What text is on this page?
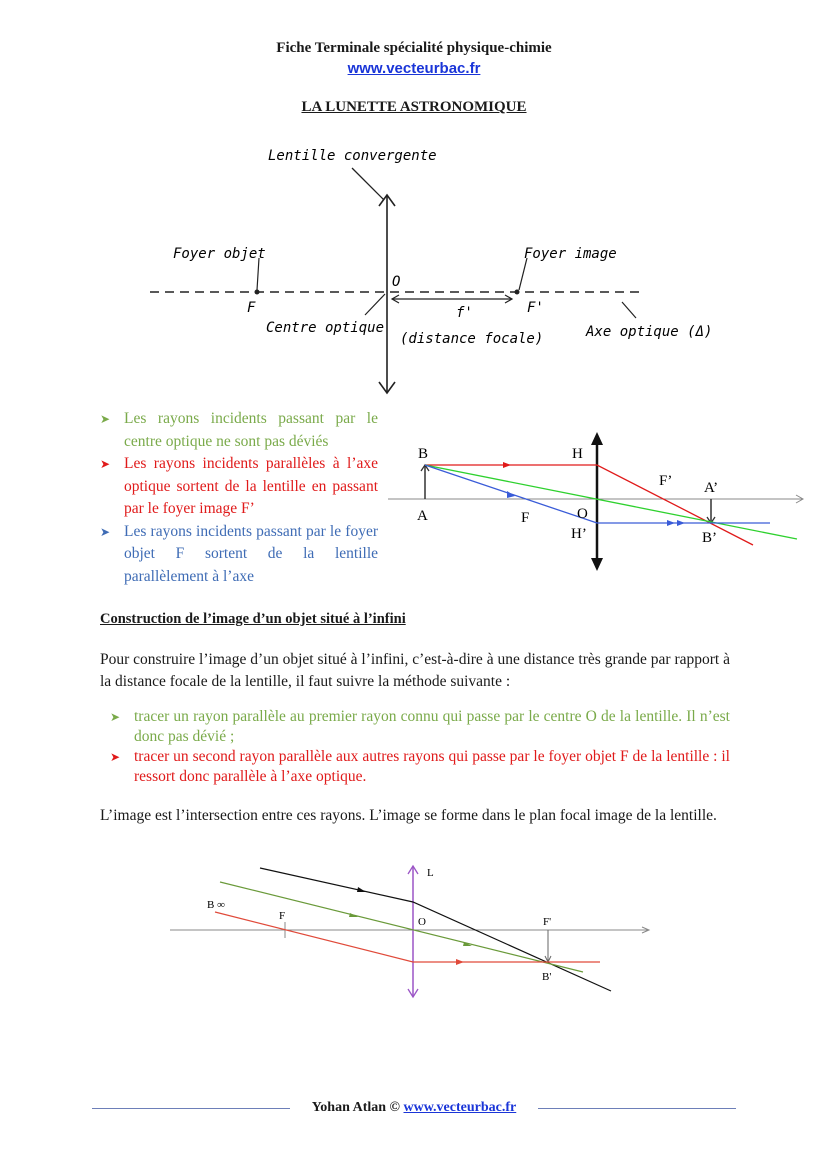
Fiche Terminale spécialité physique-chimie
www.vecteurbac.fr
LA LUNETTE ASTRONOMIQUE
Lentille convergente
Foyer objet	Foyer image
O
F	F'
f'
Centre optique
(distance focale)	Axe optique (Δ)
➤ Les rayons incidents passant par le centre optique ne sont pas déviés
➤ Les rayons incidents parallèles à l’axe optique sortent de la lentille en passant par le foyer image F’
➤ Les rayons incidents passant par le foyer objet F sortent de la lentille parallèlement à l’axe
B	H
A	F	O
H’
F’ A’
B’
Construction de l’image d’un objet situé à l’infini
Pour construire l’image d’un objet situé à l’infini, c’est-à-dire à une distance très grande par rapport à la distance focale de la lentille, il faut suivre la méthode suivante :
➤ tracer un rayon parallèle au premier rayon connu qui passe par le centre O de la lentille. Il n’est donc pas dévié ;
➤ tracer un second rayon parallèle aux autres rayons qui passe par le foyer objet F de la lentille : il ressort donc parallèle à l’axe optique.
L’image est l’intersection entre ces rayons. L’image se forme dans le plan focal image de la lentille.
L
B ∞
F	O	F'
B'
Yohan Atlan © www.vecteurbac.fr
